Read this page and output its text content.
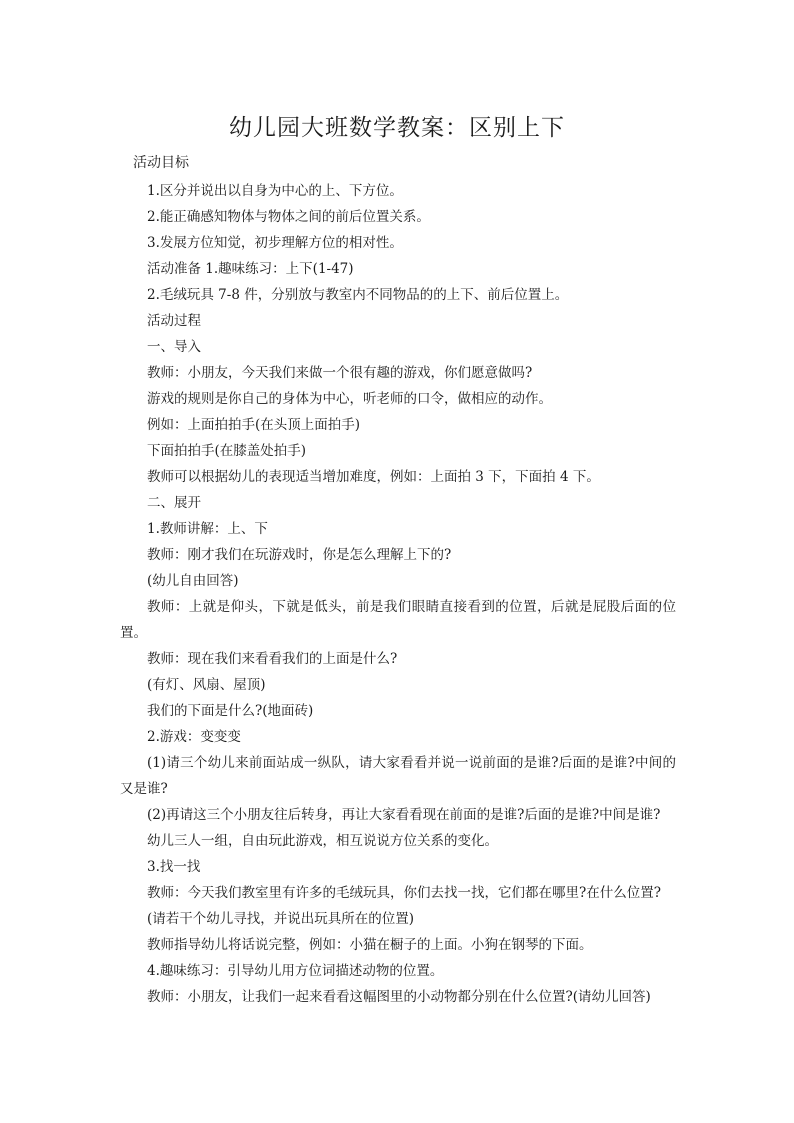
幼儿园大班数学教案：区别上下
活动目标

1.区分并说出以自身为中心的上、下方位。

2.能正确感知物体与物体之间的前后位置关系。

3.发展方位知觉，初步理解方位的相对性。

活动准备 1.趣味练习：上下(1-47)

2.毛绒玩具 7-8 件，分别放与教室内不同物品的的上下、前后位置上。

活动过程

一、导入

教师：小朋友，今天我们来做一个很有趣的游戏，你们愿意做吗?

游戏的规则是你自己的身体为中心，听老师的口令，做相应的动作。

例如：上面拍拍手(在头顶上面拍手)

下面拍拍手(在膝盖处拍手)

教师可以根据幼儿的表现适当增加难度，例如：上面拍 3 下，下面拍 4 下。

二、展开

1.教师讲解：上、下

教师：刚才我们在玩游戏时，你是怎么理解上下的?

(幼儿自由回答)

教师：上就是仰头，下就是低头，前是我们眼睛直接看到的位置，后就是屁股后面的位置。

教师：现在我们来看看我们的上面是什么?

(有灯、风扇、屋顶)

我们的下面是什么?(地面砖)

2.游戏：变变变

(1)请三个幼儿来前面站成一纵队，请大家看看并说一说前面的是谁?后面的是谁?中间的又是谁?

(2)再请这三个小朋友往后转身，再让大家看看现在前面的是谁?后面的是谁?中间是谁?

幼儿三人一组，自由玩此游戏，相互说说方位关系的变化。

3.找一找

教师：今天我们教室里有许多的毛绒玩具，你们去找一找，它们都在哪里?在什么位置?

(请若干个幼儿寻找，并说出玩具所在的位置)

教师指导幼儿将话说完整，例如：小猫在橱子的上面。小狗在钢琴的下面。

4.趣味练习：引导幼儿用方位词描述动物的位置。

教师：小朋友，让我们一起来看看这幅图里的小动物都分别在什么位置?(请幼儿回答)
